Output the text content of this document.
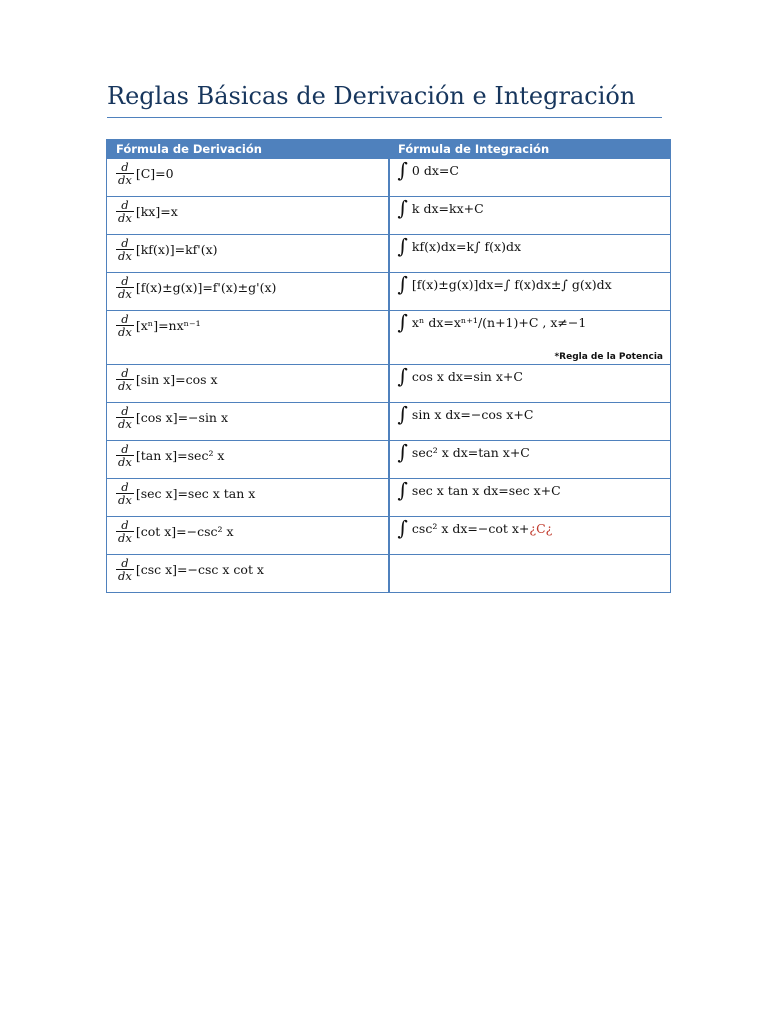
Reglas Básicas de Derivación e Integración
Fórmula de Derivación	Fórmula de Integración

$\frac{d}{dx} [C]=0$	∫ 0 dx=C

$\frac{d}{dx} [kx]=x$	∫ k dx=kx+C

$\frac{d}{dx} [kf(x)]=kf'(x)$	∫ kf(x)dx=k∫ f(x)dx

$\frac{d}{dx} [f(x)\pm g(x)]=f'(x)\pm g'(x)$	∫ [f(x)±g(x)]dx=∫ f(x)dx±∫ g(x)dx

$\frac{d}{dx} [x^n]=nx^{n-1}$	∫ xⁿ dx=xⁿ⁺¹/(n+1)+C , x≠−1
*Regla de la Potencia

$\frac{d}{dx} [\sin$ x]=cos x	∫ cos x dx=sin x+C

$\frac{d}{dx} [\cos$ x]=−sin x	∫ sin x dx=−cos x+C

$\frac{d}{dx} [\tan$ x]=sec² x	∫ sec² x dx=tan x+C

$\frac{d}{dx} [\sec$ x]=sec x tan x	∫ sec x tan x dx=sec x+C

$\frac{d}{dx} [\cot$ x]=−csc² x	∫ csc² x dx=−cot x+¿C¿

$\frac{d}{dx} [\csc$ x]=−csc x cot x	
